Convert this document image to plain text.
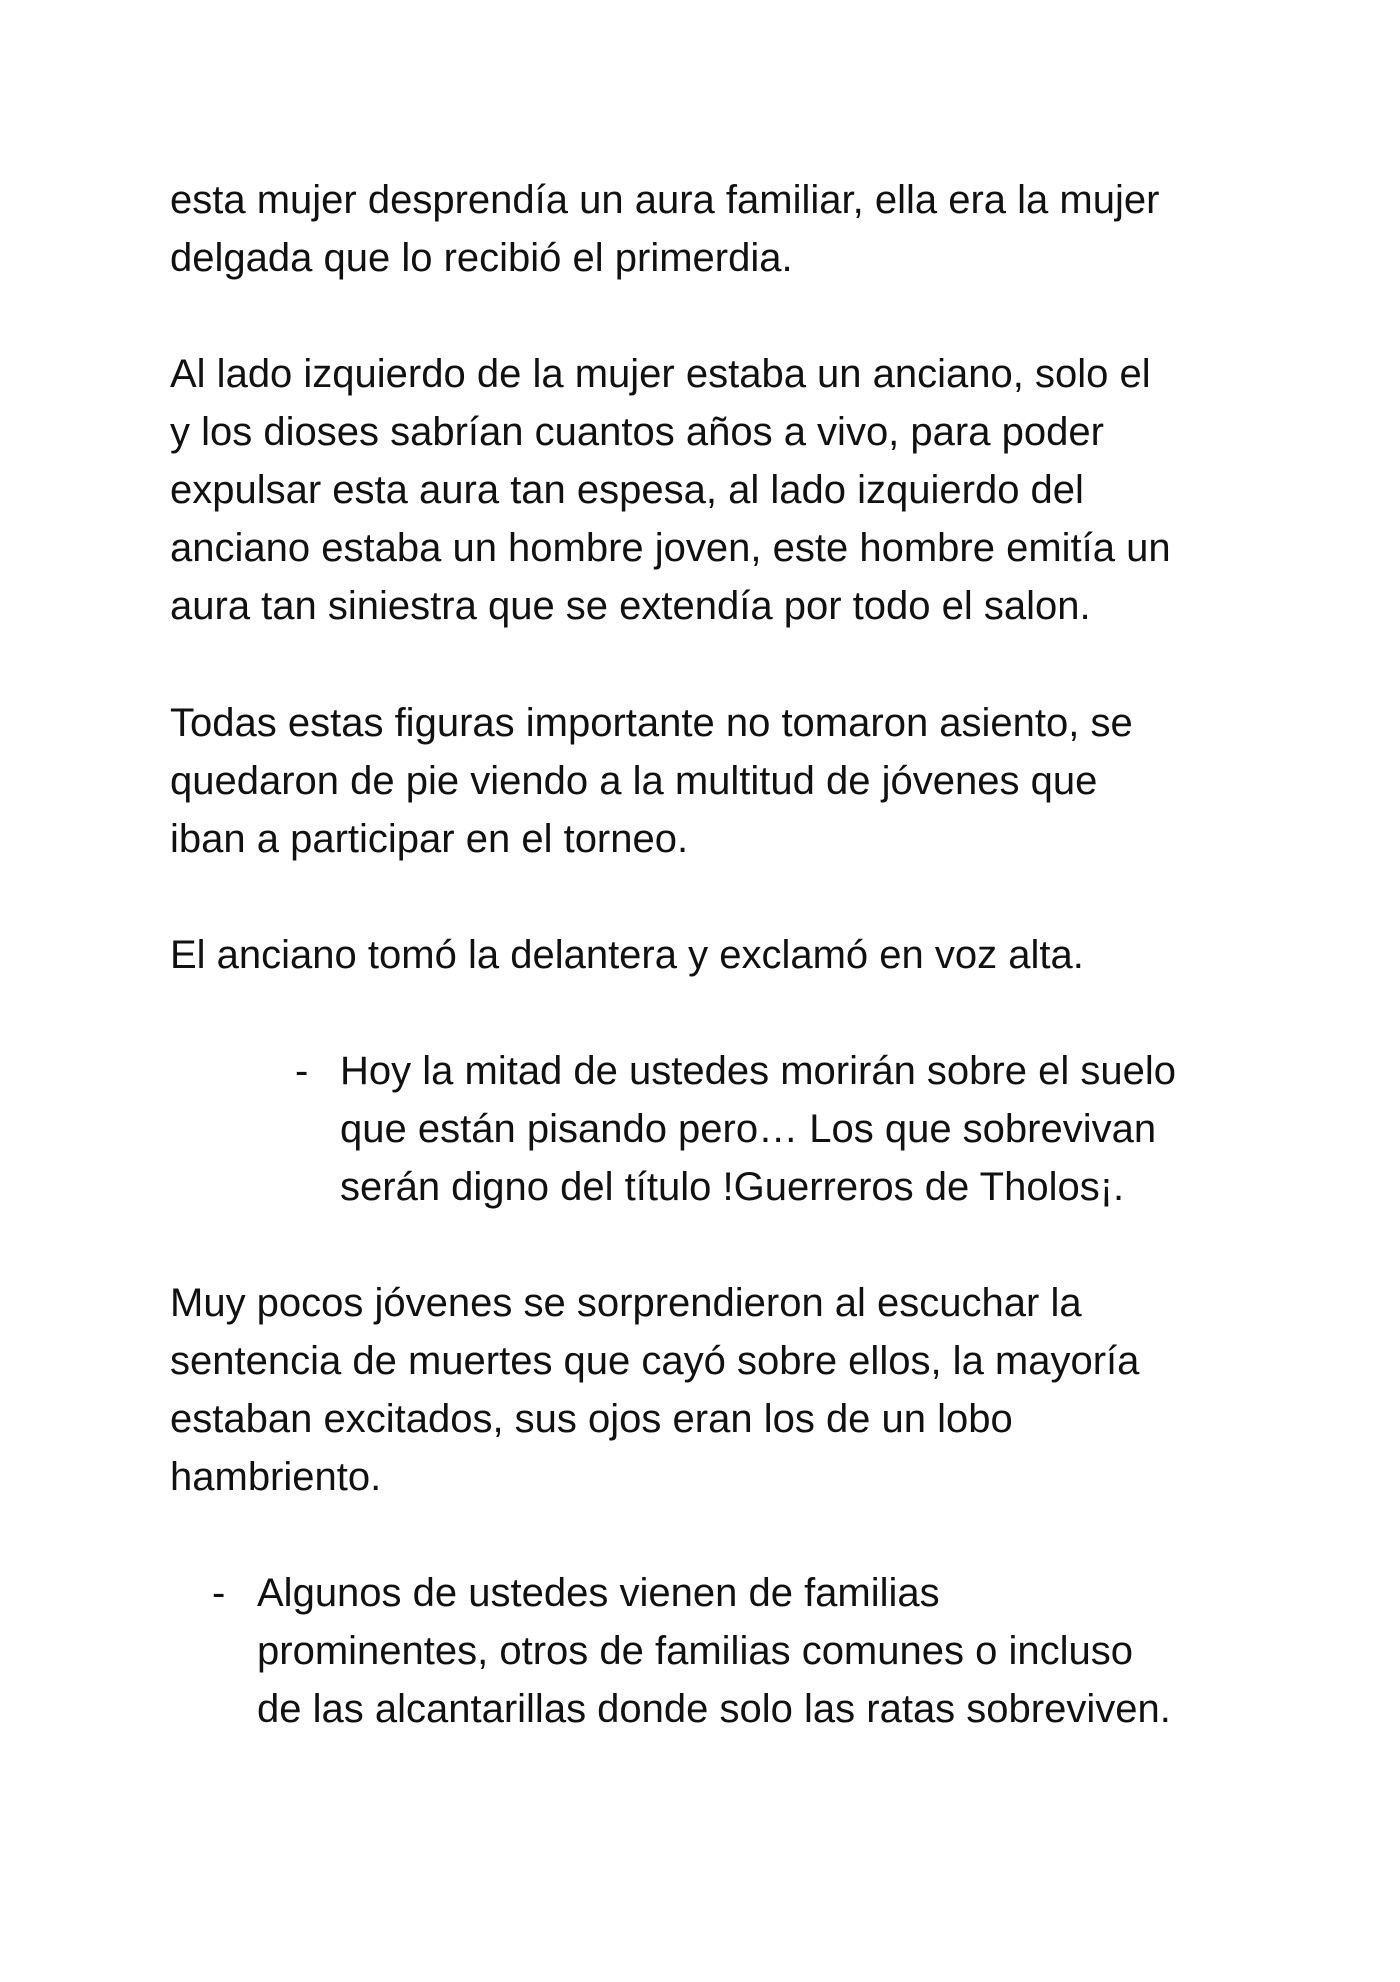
esta mujer desprendía un aura familiar, ella era la mujer
delgada que lo recibió el primerdia.

Al lado izquierdo de la mujer estaba un anciano, solo el
y los dioses sabrían cuantos años a vivo, para poder
expulsar esta aura tan espesa, al lado izquierdo del
anciano estaba un hombre joven, este hombre emitía un
aura tan siniestra que se extendía por todo el salon.

Todas estas figuras importante no tomaron asiento, se
quedaron de pie viendo a la multitud de jóvenes que
iban a participar en el torneo.

El anciano tomó la delantera y exclamó en voz alta.

- Hoy la mitad de ustedes morirán sobre el suelo
que están pisando pero… Los que sobrevivan
serán digno del título !Guerreros de Tholos¡.

Muy pocos jóvenes se sorprendieron al escuchar la
sentencia de muertes que cayó sobre ellos, la mayoría
estaban excitados, sus ojos eran los de un lobo
hambriento.

- Algunos de ustedes vienen de familias
prominentes, otros de familias comunes o incluso
de las alcantarillas donde solo las ratas sobreviven.
